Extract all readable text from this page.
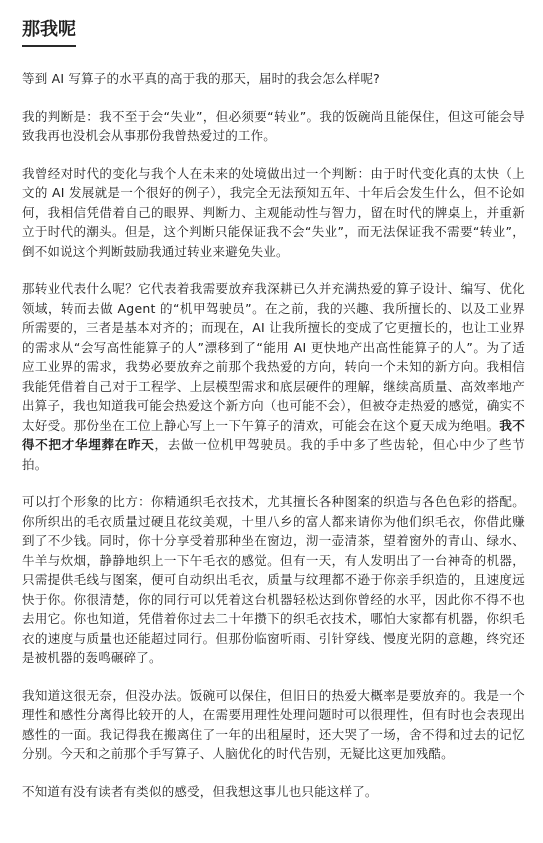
那我呢

等到 AI 写算子的水平真的高于我的那天，届时的我会怎么样呢?

我的判断是：我不至于会“失业”，但必须要“转业”。我的饭碗尚且能保住，但这可能会导致我再也没机会从事那份我曾热爱过的工作。

我曾经对时代的变化与我个人在未来的处境做出过一个判断：由于时代变化真的太快（上文的 AI 发展就是一个很好的例子），我完全无法预知五年、十年后会发生什么，但不论如何，我相信凭借着自己的眼界、判断力、主观能动性与智力，留在时代的牌桌上，并重新立于时代的潮头。但是，这个判断只能保证我不会“失业”，而无法保证我不需要“转业”，倒不如说这个判断鼓励我通过转业来避免失业。

那转业代表什么呢？它代表着我需要放弃我深耕已久并充满热爱的算子设计、编写、优化领域，转而去做 Agent 的“机甲驾驶员”。在之前，我的兴趣、我所擅长的、以及工业界所需要的，三者是基本对齐的；而现在，AI 让我所擅长的变成了它更擅长的，也让工业界的需求从“会写高性能算子的人”漂移到了“能用 AI 更快地产出高性能算子的人”。为了适应工业界的需求，我势必要放弃之前那个我热爱的方向，转向一个未知的新方向。我相信我能凭借着自己对于工程学、上层模型需求和底层硬件的理解，继续高质量、高效率地产出算子，我也知道我可能会热爱这个新方向（也可能不会），但被夺走热爱的感觉，确实不太好受。那份坐在工位上静心写上一下午算子的清欢，可能会在这个夏天成为绝唱。我不得不把才华埋葬在昨天，去做一位机甲驾驶员。我的手中多了些齿轮，但心中少了些节拍。

可以打个形象的比方：你精通织毛衣技术，尤其擅长各种图案的织造与各色色彩的搭配。你所织出的毛衣质量过硬且花纹美观，十里八乡的富人都来请你为他们织毛衣，你借此赚到了不少钱。同时，你十分享受着那种坐在窗边，沏一壶清茶，望着窗外的青山、绿水、牛羊与炊烟，静静地织上一下午毛衣的感觉。但有一天，有人发明出了一台神奇的机器，只需提供毛线与图案，便可自动织出毛衣，质量与纹理都不逊于你亲手织造的，且速度远快于你。你很清楚，你的同行可以凭着这台机器轻松达到你曾经的水平，因此你不得不也去用它。你也知道，凭借着你过去二十年攒下的织毛衣技术，哪怕大家都有机器，你织毛衣的速度与质量也还能超过同行。但那份临窗听雨、引针穿线、慢度光阴的意趣，终究还是被机器的轰鸣碾碎了。

我知道这很无奈，但没办法。饭碗可以保住，但旧日的热爱大概率是要放弃的。我是一个理性和感性分离得比较开的人，在需要用理性处理问题时可以很理性，但有时也会表现出感性的一面。我记得我在搬离住了一年的出租屋时，还大哭了一场，舍不得和过去的记忆分别。今天和之前那个手写算子、人脑优化的时代告别，无疑比这更加残酷。

不知道有没有读者有类似的感受，但我想这事儿也只能这样了。
